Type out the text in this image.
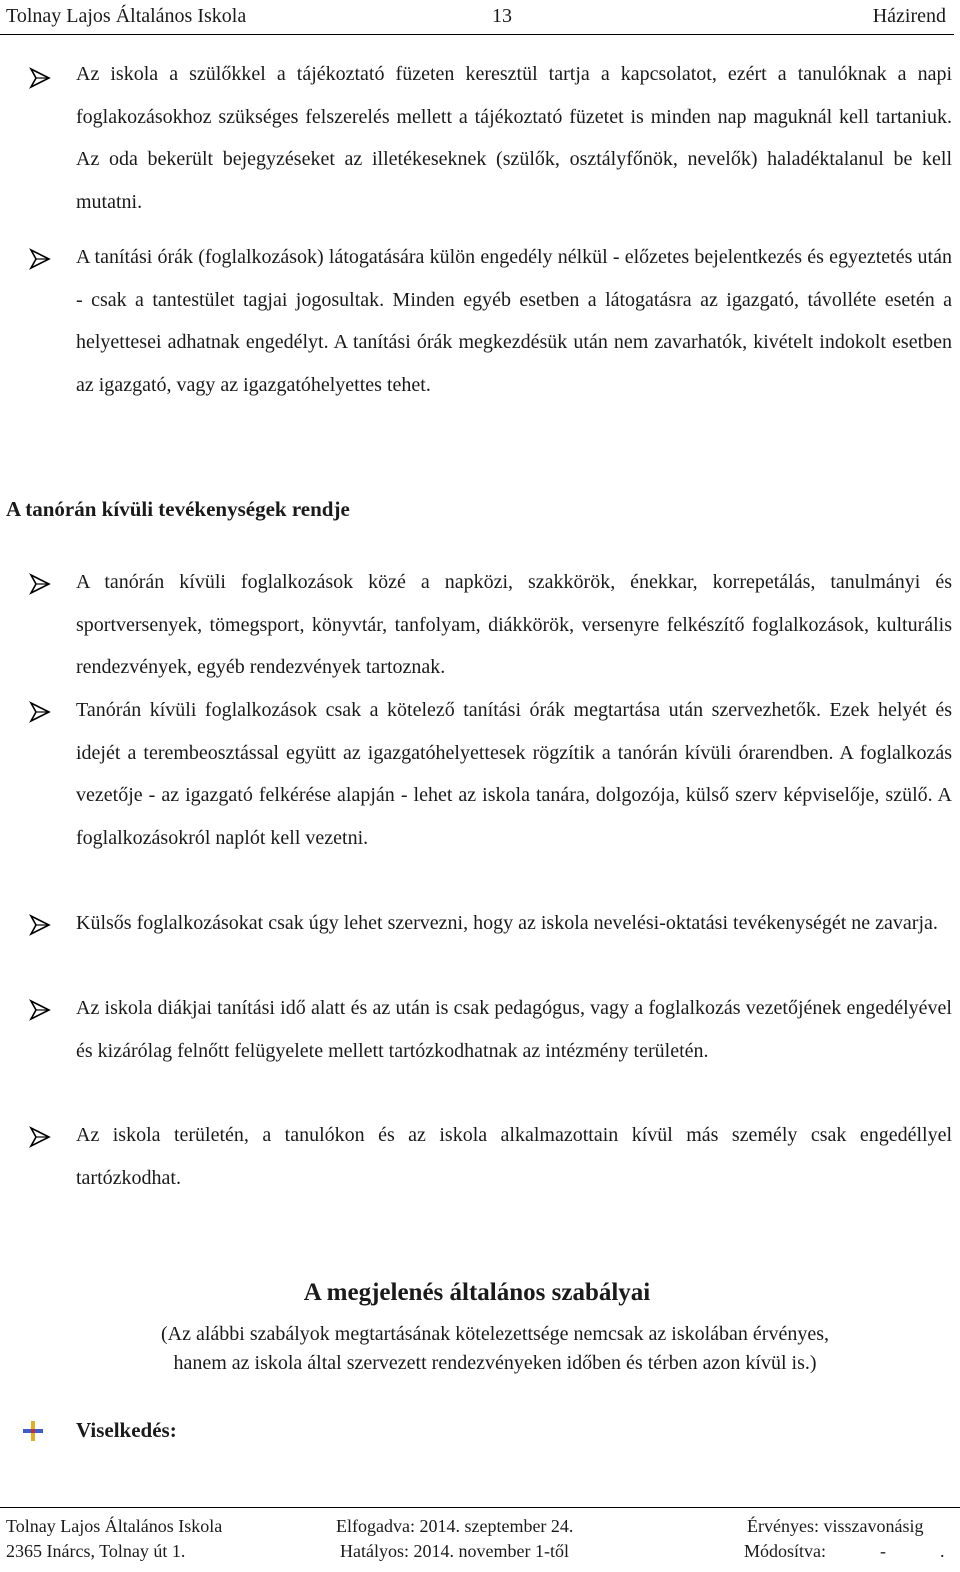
Tolnay Lajos Általános Iskola	13	Házirend
Az iskola a szülőkkel a tájékoztató füzeten keresztül tartja a kapcsolatot, ezért a tanulóknak a napi foglakozásokhoz szükséges felszerelés mellett a tájékoztató füzetet is minden nap maguknál kell tartaniuk. Az oda bekerült bejegyzéseket az illetékeseknek (szülők, osztályfőnök, nevelők) haladéktalanul be kell mutatni.
A tanítási órák (foglalkozások) látogatására külön engedély nélkül - előzetes bejelentkezés és egyeztetés után - csak a tantestület tagjai jogosultak. Minden egyéb esetben a látogatásra az igazgató, távolléte esetén a helyettesei adhatnak engedélyt. A tanítási órák megkezdésük után nem zavarhatók, kivételt indokolt esetben az igazgató, vagy az igazgatóhelyettes tehet.
A tanórán kívüli tevékenységek rendje
A tanórán kívüli foglalkozások közé a napközi, szakkörök, énekkar, korrepetálás, tanulmányi és sportversenyek, tömegsport, könyvtár, tanfolyam, diákkörök, versenyre felkészítő foglalkozások, kulturális rendezvények, egyéb rendezvények tartoznak.
Tanórán kívüli foglalkozások csak a kötelező tanítási órák megtartása után szervezhetők. Ezek helyét és idejét a terembeosztással együtt az igazgatóhelyettesek rögzítik a tanórán kívüli órarendben. A foglalkozás vezetője - az igazgató felkérése alapján - lehet az iskola tanára, dolgozója, külső szerv képviselője, szülő. A foglalkozásokról naplót kell vezetni.
Külsős foglalkozásokat csak úgy lehet szervezni, hogy az iskola nevelési-oktatási tevékenységét ne zavarja.
Az iskola diákjai tanítási idő alatt és az után is csak pedagógus, vagy a foglalkozás vezetőjének engedélyével és kizárólag felnőtt felügyelete mellett tartózkodhatnak az intézmény területén.
Az iskola területén, a tanulókon és az iskola alkalmazottain kívül más személy csak engedéllyel tartózkodhat.
A megjelenés általános szabályai
(Az alábbi szabályok megtartásának kötelezettsége nemcsak az iskolában érvényes,
hanem az iskola által szervezett rendezvényeken időben és térben azon kívül is.)
Viselkedés:
Tolnay Lajos Általános Iskola
2365 Inárcs, Tolnay út 1.
Elfogadva: 2014. szeptember 24.
Hatályos: 2014. november 1-től
Érvényes: visszavonásig
Módosítva:	-	.
